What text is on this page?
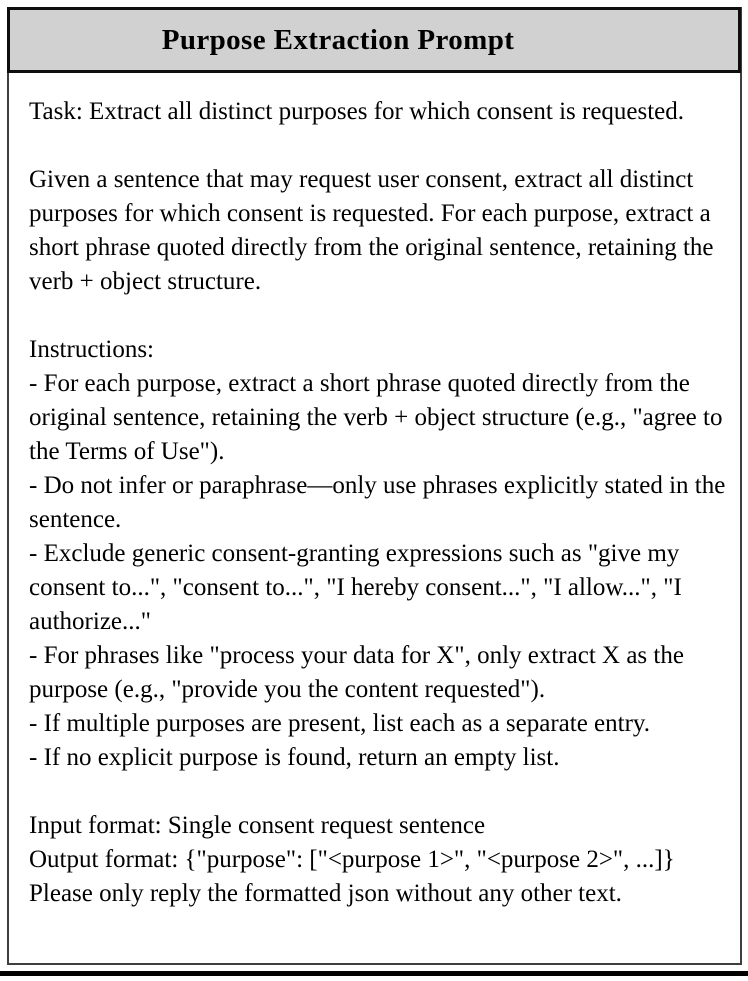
Task: Extract all distinct purposes for which consent is requested.

Given a sentence that may request user consent, extract all distinct purposes for which consent is requested. For each purpose, extract a short phrase quoted directly from the original sentence, retaining the verb + object structure.

Instructions:

- For each purpose, extract a short phrase quoted directly from the original sentence, retaining the verb + object structure (e.g., "agree to the Terms of Use").

- Do not infer or paraphrase—only use phrases explicitly stated in the sentence.

- Exclude generic consent-granting expressions such as "give my consent to...", "consent to...", "I hereby consent...", "I allow...", "I authorize..."

- For phrases like "process your data for X", only extract X as the purpose (e.g., "provide you the content requested").

- If multiple purposes are present, list each as a separate entry.

- If no explicit purpose is found, return an empty list.

Input format: Single consent request sentence

Output format: {"purpose": ["<purpose 1>", "<purpose 2>", ...]}

Please only reply the formatted json without any other text.

Purpose Extraction Prompt
